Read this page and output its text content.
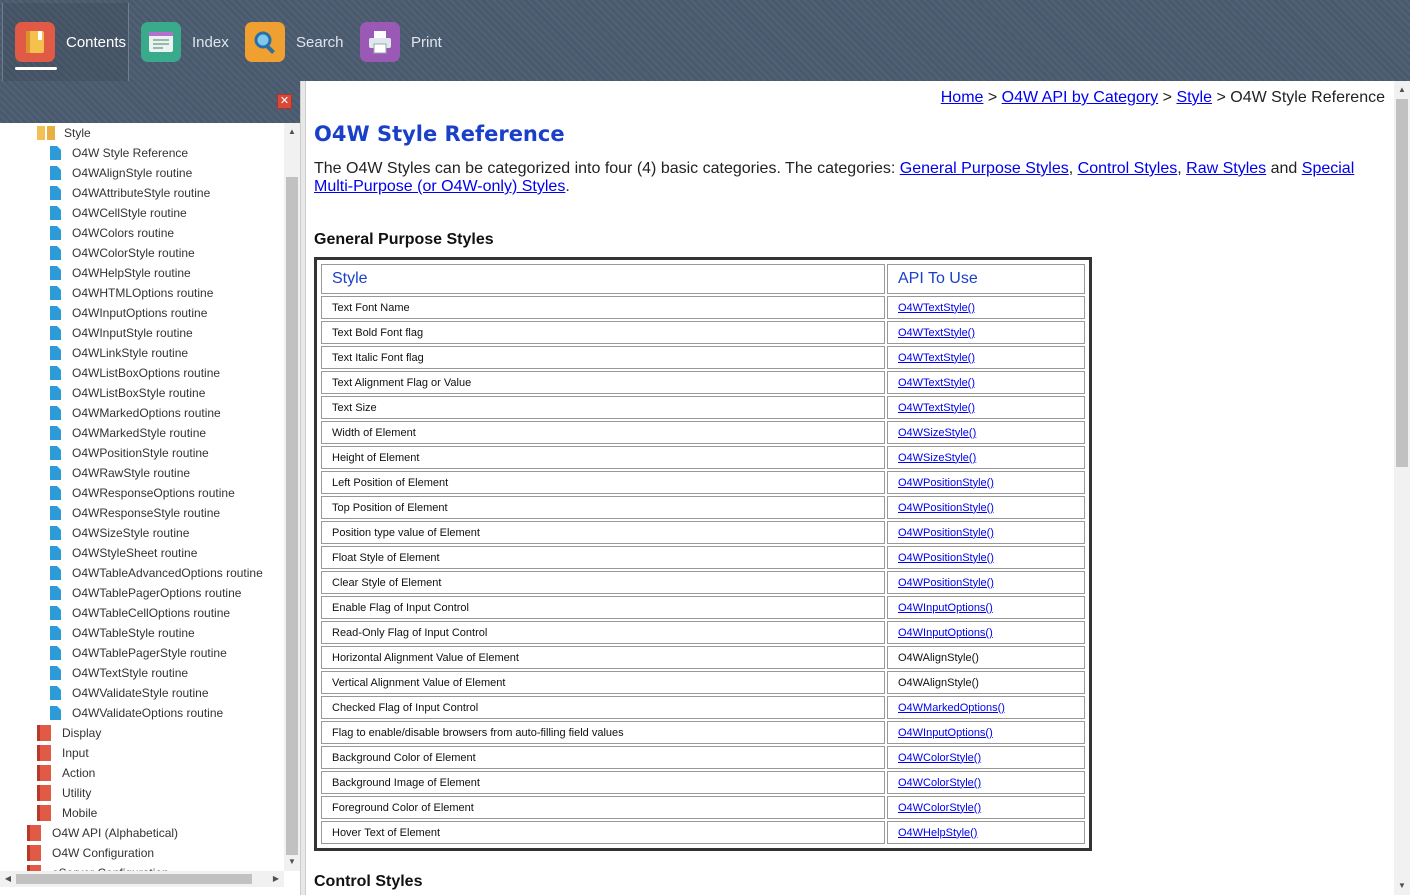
Contents	Index	Search	Print
✕
Style
O4W Style Reference
O4WAlignStyle routine
O4WAttributeStyle routine
O4WCellStyle routine
O4WColors routine
O4WColorStyle routine
O4WHelpStyle routine
O4WHTMLOptions routine
O4WInputOptions routine
O4WInputStyle routine
O4WLinkStyle routine
O4WListBoxOptions routine
O4WListBoxStyle routine
O4WMarkedOptions routine
O4WMarkedStyle routine
O4WPositionStyle routine
O4WRawStyle routine
O4WResponseOptions routine
O4WResponseStyle routine
O4WSizeStyle routine
O4WStyleSheet routine
O4WTableAdvancedOptions routine
O4WTablePagerOptions routine
O4WTableCellOptions routine
O4WTableStyle routine
O4WTablePagerStyle routine
O4WTextStyle routine
O4WValidateStyle routine
O4WValidateOptions routine
Display
Input
Action
Utility
Mobile
O4W API (Alphabetical)
O4W Configuration
▲
▼
◀	▶
Home > O4W API by Category > Style > O4W Style Reference
O4W Style Reference
The O4W Styles can be categorized into four (4) basic categories. The categories: General Purpose Styles, Control Styles, Raw Styles and Special Multi-Purpose (or O4W-only) Styles.
General Purpose Styles
Style	API To Use
Text Font Name	O4WTextStyle()
Text Bold Font flag	O4WTextStyle()
Text Italic Font flag	O4WTextStyle()
Text Alignment Flag or Value	O4WTextStyle()
Text Size	O4WTextStyle()
Width of Element	O4WSizeStyle()
Height of Element	O4WSizeStyle()
Left Position of Element	O4WPositionStyle()
Top Position of Element	O4WPositionStyle()
Position type value of Element	O4WPositionStyle()
Float Style of Element	O4WPositionStyle()
Clear Style of Element	O4WPositionStyle()
Enable Flag of Input Control	O4WInputOptions()
Read-Only Flag of Input Control	O4WInputOptions()
Horizontal Alignment Value of Element	O4WAlignStyle()
Vertical Alignment Value of Element	O4WAlignStyle()
Checked Flag of Input Control	O4WMarkedOptions()
Flag to enable/disable browsers from auto-filling field values	O4WInputOptions()
Background Color of Element	O4WColorStyle()
Background Image of Element	O4WColorStyle()
Foreground Color of Element	O4WColorStyle()
Hover Text of Element	O4WHelpStyle()
Control Styles
▲
▼
